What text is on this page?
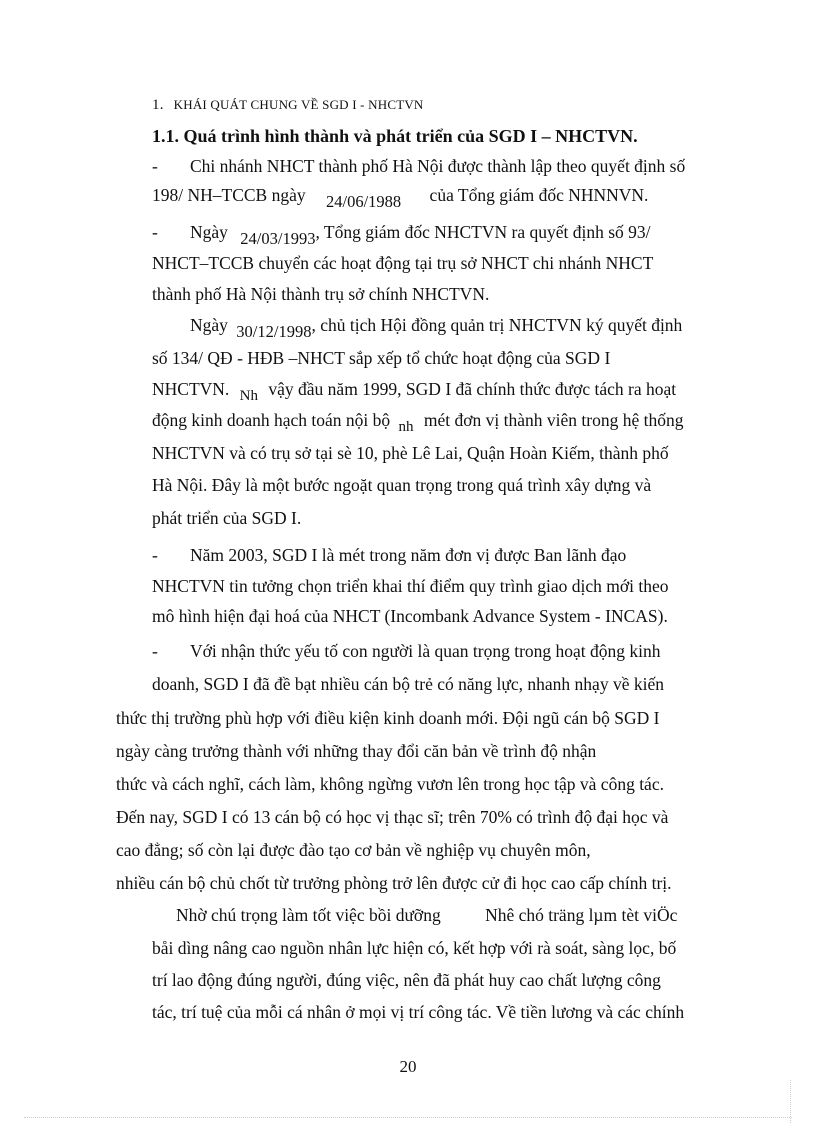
1. KHÁI QUÁT CHUNG VỀ SGD I - NHCTVN
1.1. Quá trình hình thành và phát triển của SGD I – NHCTVN.
- Chi nhánh NHCT thành phố Hà Nội được thành lập theo quyết định số
198/ NH–TCCB ngày 24/06/1988 của Tổng giám đốc NHNNVN.
- Ngày 24/03/1993, Tổng giám đốc NHCTVN ra quyết định số 93/
NHCT–TCCB chuyển các hoạt động tại trụ sở NHCT chi nhánh NHCT
thành phố Hà Nội thành trụ sở chính NHCTVN.
Ngày 30/12/1998, chủ tịch Hội đồng quản trị NHCTVN ký quyết định
số 134/ QĐ - HĐB –NHCT sắp xếp tổ chức hoạt động của SGD I
NHCTVN. Nh vậy đầu năm 1999, SGD I đã chính thức được tách ra hoạt
động kinh doanh hạch toán nội bộ nh mét đơn vị thành viên trong hệ thống
NHCTVN và có trụ sở tại sè 10, phè Lê Lai, Quận Hoàn Kiếm, thành phố
Hà Nội. Đây là một bước ngoặt quan trọng trong quá trình xây dựng và
phát triển của SGD I.
- Năm 2003, SGD I là mét trong năm đơn vị được Ban lãnh đạo
NHCTVN tin tưởng chọn triển khai thí điểm quy trình giao dịch mới theo
mô hình hiện đại hoá của NHCT (Incombank Advance System - INCAS).
- Với nhận thức yếu tố con người là quan trọng trong hoạt động kinh
doanh, SGD I đã đề bạt nhiều cán bộ trẻ có năng lực, nhanh nhạy về kiến
thức thị trường phù hợp với điều kiện kinh doanh mới. Đội ngũ cán bộ SGD I
ngày càng trưởng thành với những thay đổi căn bản về trình độ nhận
thức và cách nghĩ, cách làm, không ngừng vươn lên trong học tập và công tác.
Đến nay, SGD I có 13 cán bộ có học vị thạc sĩ; trên 70% có trình độ đại học và
cao đẳng; số còn lại được đào tạo cơ bản về nghiệp vụ chuyên môn,
nhiều cán bộ chủ chốt từ trưởng phòng trở lên được cử đi học cao cấp chính trị.
Nhờ chú trọng làm tốt việc bồi dưỡng	Nhê chó träng lµm tèt viÖc
båi dìng nâng cao nguồn nhân lực hiện có, kết hợp với rà soát, sàng lọc, bố
trí lao động đúng người, đúng việc, nên đã phát huy cao chất lượng công
tác, trí tuệ của mỗi cá nhân ở mọi vị trí công tác. Về tiền lương và các chính
20
